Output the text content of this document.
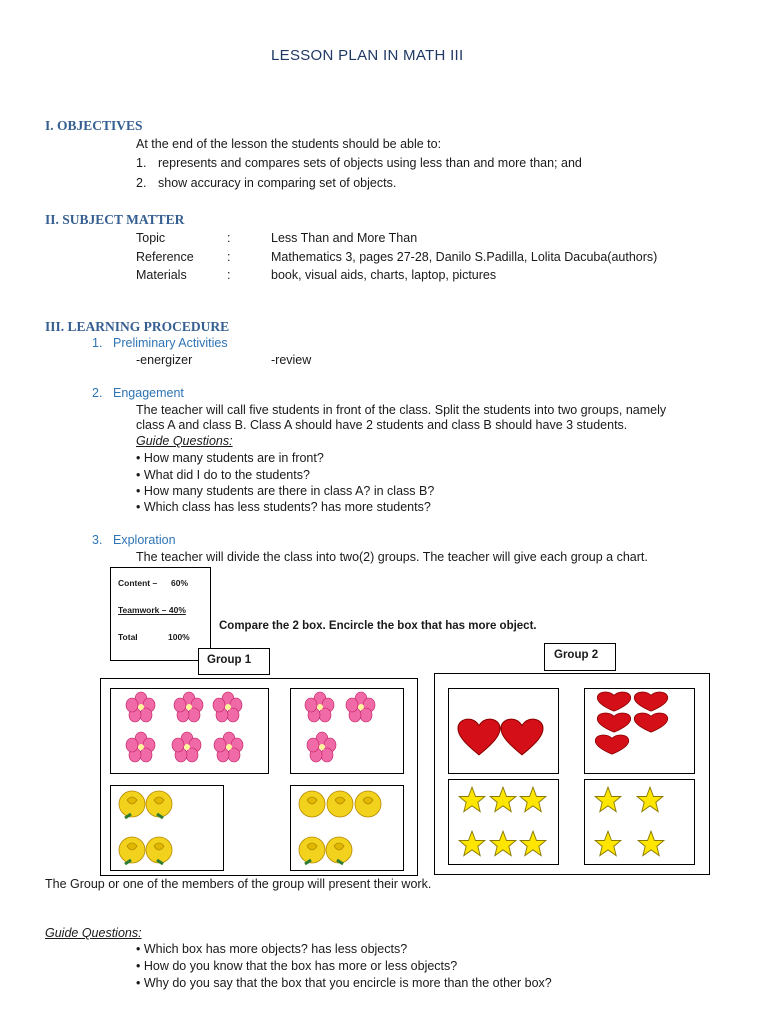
LESSON PLAN IN MATH III
I. OBJECTIVES
At the end of the lesson the students should be able to:
1. represents and compares sets of objects using less than and more than; and
2. show accuracy in comparing set of objects.
II. SUBJECT MATTER
Topic	:	Less Than and More Than
Reference	:	Mathematics 3, pages 27-28, Danilo S.Padilla, Lolita Dacuba(authors)
Materials	:	book, visual aids, charts, laptop, pictures
III. LEARNING PROCEDURE
1. Preliminary Activities
-energizer	-review
2. Engagement
The teacher will call five students in front of the class. Split the students into two groups, namely
class A and class B. Class A should have 2 students and class B should have 3 students.
Guide Questions:
• How many students are in front?
• What did I do to the students?
• How many students are there in class A? in class B?
• Which class has less students? has more students?
3. Exploration
The teacher will divide the class into two(2) groups. The teacher will give each group a chart.
Content – 60%
Teamwork – 40%
Total	100%
Compare the 2 box. Encircle the box that has more object.
Group 1	Group 2
The Group or one of the members of the group will present their work.
Guide Questions:
• Which box has more objects? has less objects?
• How do you know that the box has more or less objects?
• Why do you say that the box that you encircle is more than the other box?
